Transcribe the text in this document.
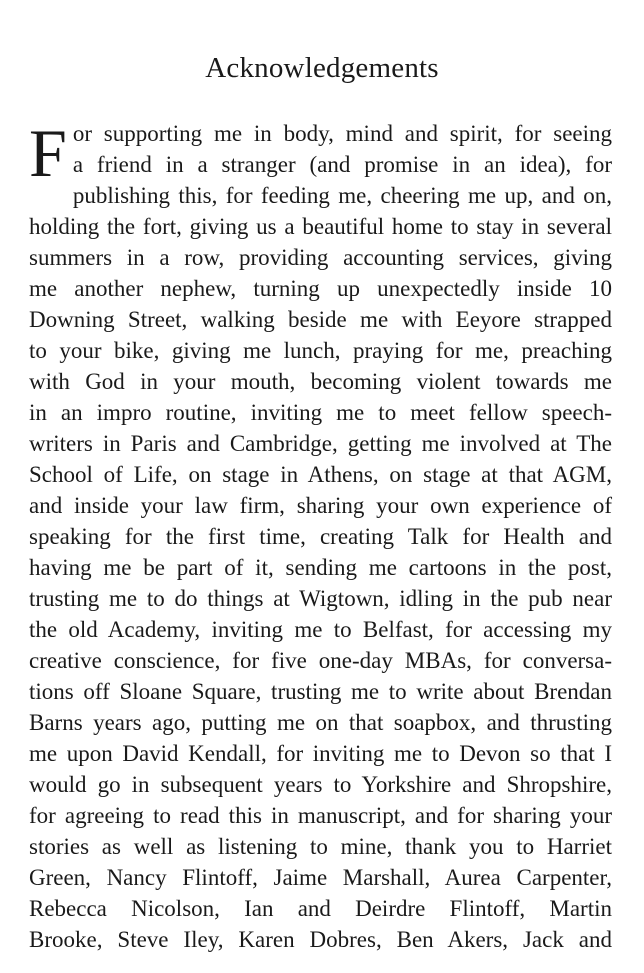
Acknowledgements
F or supporting me in body, mind and spirit, for seeing
a friend in a stranger (and promise in an idea), for
publishing this, for feeding me, cheering me up, and on,
holding the fort, giving us a beautiful home to stay in several
summers in a row, providing accounting services, giving
me another nephew, turning up unexpectedly inside 10
Downing Street, walking beside me with Eeyore strapped
to your bike, giving me lunch, praying for me, preaching
with God in your mouth, becoming violent towards me
in an impro routine, inviting me to meet fellow speech-
writers in Paris and Cambridge, getting me involved at The
School of Life, on stage in Athens, on stage at that AGM,
and inside your law firm, sharing your own experience of
speaking for the first time, creating Talk for Health and
having me be part of it, sending me cartoons in the post,
trusting me to do things at Wigtown, idling in the pub near
the old Academy, inviting me to Belfast, for accessing my
creative conscience, for five one-day MBAs, for conversa-
tions off Sloane Square, trusting me to write about Brendan
Barns years ago, putting me on that soapbox, and thrusting
me upon David Kendall, for inviting me to Devon so that I
would go in subsequent years to Yorkshire and Shropshire,
for agreeing to read this in manuscript, and for sharing your
stories as well as listening to mine, thank you to Harriet
Green, Nancy Flintoff, Jaime Marshall, Aurea Carpenter,
Rebecca Nicolson, Ian and Deirdre Flintoff, Martin
Brooke, Steve Iley, Karen Dobres, Ben Akers, Jack and
